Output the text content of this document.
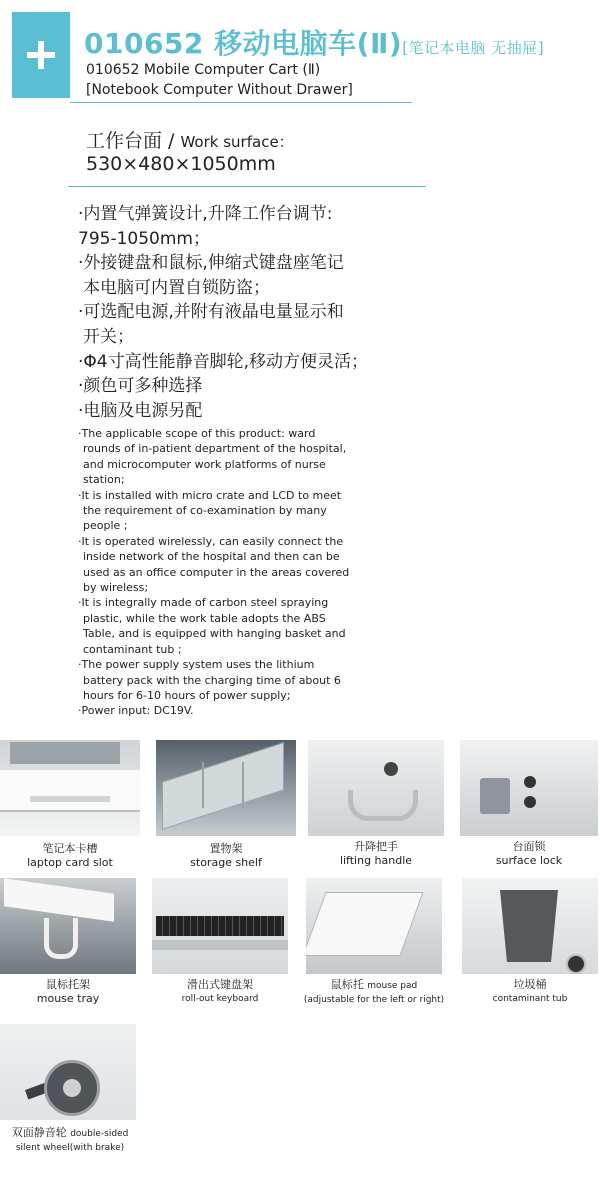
010652 移动电脑车(Ⅱ)[笔记本电脑 无抽屉]
010652 Mobile Computer Cart (Ⅱ)
[Notebook Computer Without Drawer]
工作台面 / Work surface：
530×480×1050mm
·内置气弹簧设计,升降工作台调节:
795-1050mm；
·外接键盘和鼠标,伸缩式键盘座笔记
本电脑可内置自锁防盗；
·可选配电源,并附有液晶电量显示和
开关；
·Φ4寸高性能静音脚轮,移动方便灵活；
·颜色可多种选择
·电脑及电源另配
·The applicable scope of this product: ward
rounds of in-patient department of the hospital,
and microcomputer work platforms of nurse
station;
·It is installed with micro crate and LCD to meet
the requirement of co-examination by many
people ;
·It is operated wirelessly, can easily connect the
inside network of the hospital and then can be
used as an office computer in the areas covered
by wireless;
·It is integrally made of carbon steel spraying
plastic, while the work table adopts the ABS
Table, and is equipped with hanging basket and
contaminant tub ;
·The power supply system uses the lithium
battery pack with the charging time of about 6
hours for 6-10 hours of power supply;
·Power input: DC19V.
笔记本卡槽
laptop card slot
置物架
storage shelf
升降把手
lifting handle
台面锁
surface lock
鼠标托架
mouse tray
滑出式键盘架
roll-out keyboard
鼠标托 mouse pad
(adjustable for the left or right)
垃圾桶
contaminant tub
双面静音轮 double-sided
silent wheel(with brake)
